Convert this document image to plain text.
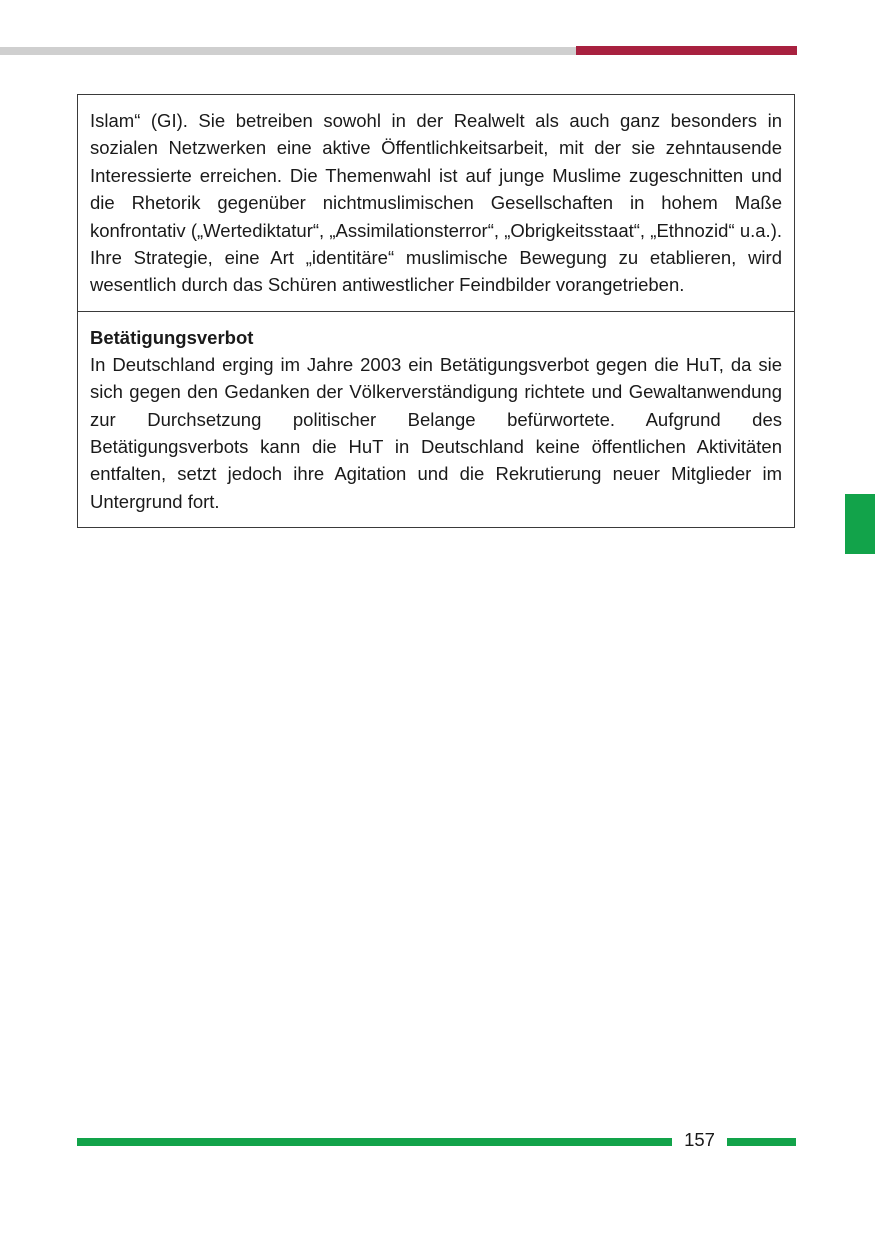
Islam“ (GI). Sie betreiben sowohl in der Realwelt als auch ganz besonders in sozialen Netzwerken eine aktive Öffentlichkeitsarbeit, mit der sie zehntausende Interessierte erreichen. Die Themenwahl ist auf junge Muslime zugeschnitten und die Rhetorik gegenüber nichtmuslimischen Gesellschaften in hohem Maße konfrontativ („Wertediktatur“, „Assimilationsterror“, „Obrigkeitsstaat“, „Ethnozid“ u.a.). Ihre Strategie, eine Art „identitäre“ muslimische Bewegung zu etablieren, wird wesentlich durch das Schüren antiwestlicher Feindbilder vorangetrieben.

Betätigungsverbot

In Deutschland erging im Jahre 2003 ein Betätigungsverbot gegen die HuT, da sie sich gegen den Gedanken der Völkerverständigung richtete und Gewaltanwendung zur Durchsetzung politischer Belange befürwortete. Aufgrund des Betätigungsverbots kann die HuT in Deutschland keine öffentlichen Aktivitäten entfalten, setzt jedoch ihre Agitation und die Rekrutierung neuer Mitglieder im Untergrund fort.

157
